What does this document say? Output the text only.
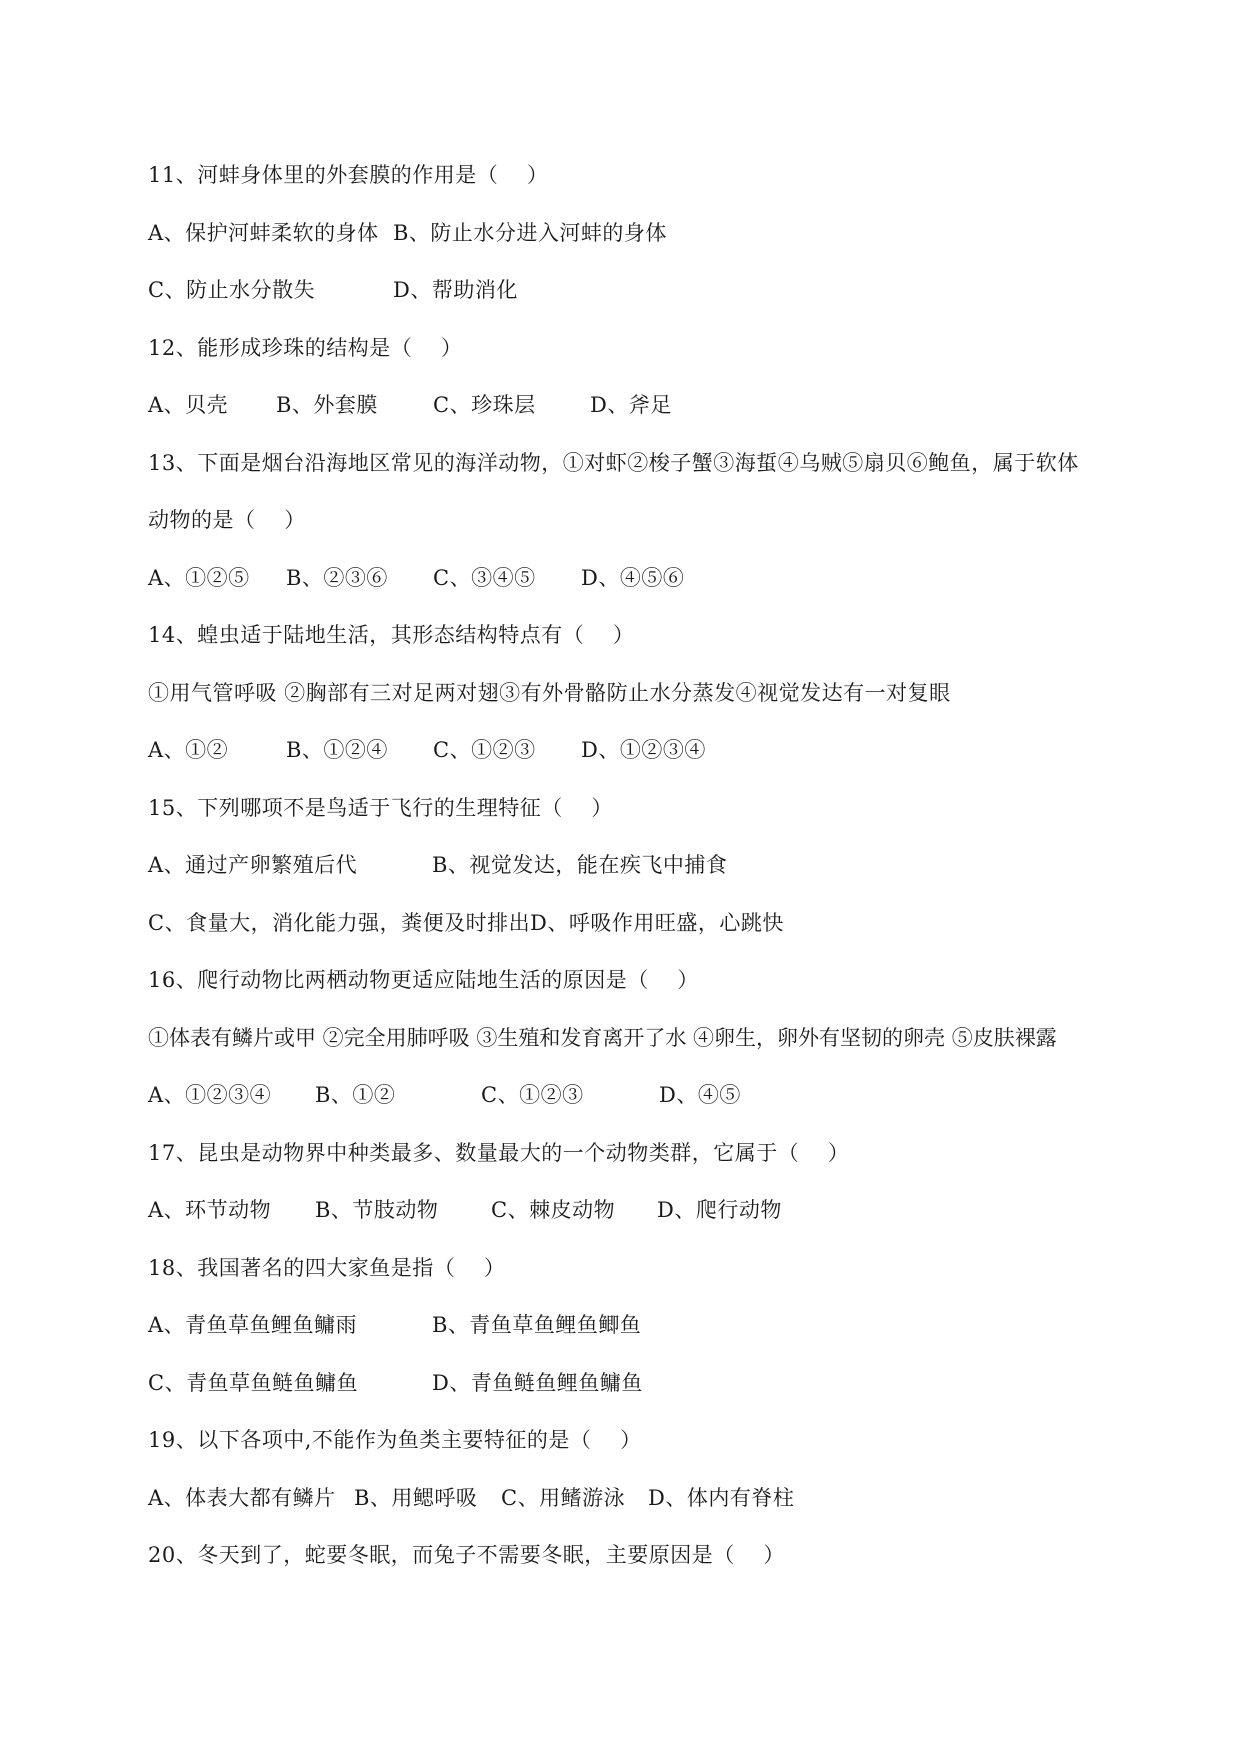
11、河蚌身体里的外套膜的作用是（    ）
A、保护河蚌柔软的身体 B、防止水分进入河蚌的身体
C、防止水分散失	D、帮助消化
12、能形成珍珠的结构是（    ）
A、贝壳 B、外套膜	C、珍珠层	D、斧足
13、下面是烟台沿海地区常见的海洋动物，①对虾②梭子蟹③海蜇④乌贼⑤扇贝⑥鲍鱼，属于软体
动物的是（    ）
A、①②⑤ B、②③⑥ C、③④⑤ D、④⑤⑥
14、蝗虫适于陆地生活，其形态结构特点有（    ）
①用气管呼吸 ②胸部有三对足两对翅③有外骨骼防止水分蒸发④视觉发达有一对复眼
A、①②	B、①②④ C、①②③ D、①②③④
15、下列哪项不是鸟适于飞行的生理特征（    ）
A、通过产卵繁殖后代	B、视觉发达，能在疾飞中捕食
C、食量大，消化能力强，粪便及时排出D、呼吸作用旺盛，心跳快
16、爬行动物比两栖动物更适应陆地生活的原因是（    ）
①体表有鳞片或甲 ②完全用肺呼吸 ③生殖和发育离开了水 ④卵生，卵外有坚韧的卵壳 ⑤皮肤裸露
A、①②③④ B、①②	C、①②③	D、④⑤
17、昆虫是动物界中种类最多、数量最大的一个动物类群，它属于（    ）
A、环节动物 B、节肢动物	C、棘皮动物 D、爬行动物
18、我国著名的四大家鱼是指（    ）
A、青鱼草鱼鲤鱼鳙雨	B、青鱼草鱼鲤鱼鲫鱼
C、青鱼草鱼鲢鱼鳙鱼	D、青鱼鲢鱼鲤鱼鳙鱼
19、以下各项中,不能作为鱼类主要特征的是（    ）
A、体表大都有鳞片 B、用鳃呼吸 C、用鳍游泳 D、体内有脊柱
20、冬天到了，蛇要冬眠，而兔子不需要冬眠，主要原因是（    ）
